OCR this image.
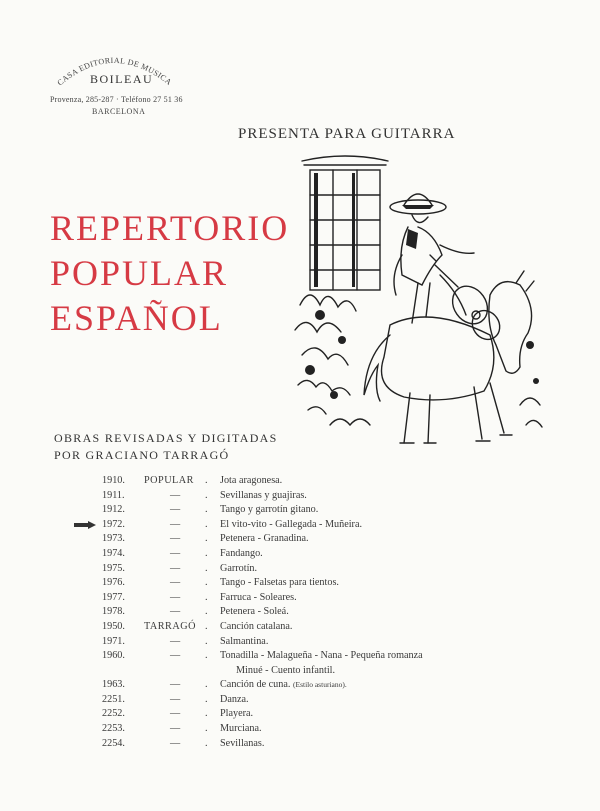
CASA EDITORIAL DE MUSICA
BOILEAU
Provenza, 285-287 · Teléfono 27 51 36
BARCELONA
PRESENTA PARA GUITARRA
REPERTORIO
POPULAR
ESPAÑOL
OBRAS REVISADAS Y DIGITADAS
POR GRACIANO TARRAGÓ
1910.	POPULAR	. Jota aragonesa.
1911.	—	. Sevillanas y guajiras.
1912.	—	. Tango y garrotín gitano.
1972.	—	. El vito-vito - Gallegada - Muñeira.
1973.	—	. Petenera - Granadina.
1974.	—	. Fandango.
1975.	—	. Garrotín.
1976.	—	. Tango - Falsetas para tientos.
1977.	—	. Farruca - Soleares.
1978.	—	. Petenera - Soleá.
1950.	TARRAGÓ . Canción catalana.
1971.	—	. Salmantina.
1960.	—	. Tonadilla - Malagueña - Nana - Pequeña romanza
Minué - Cuento infantil.
1963.	—	. Canción de cuna. (Estilo asturiano).
2251.	—	. Danza.
2252.	—	. Playera.
2253.	—	. Murciana.
2254.	—	. Sevillanas.
